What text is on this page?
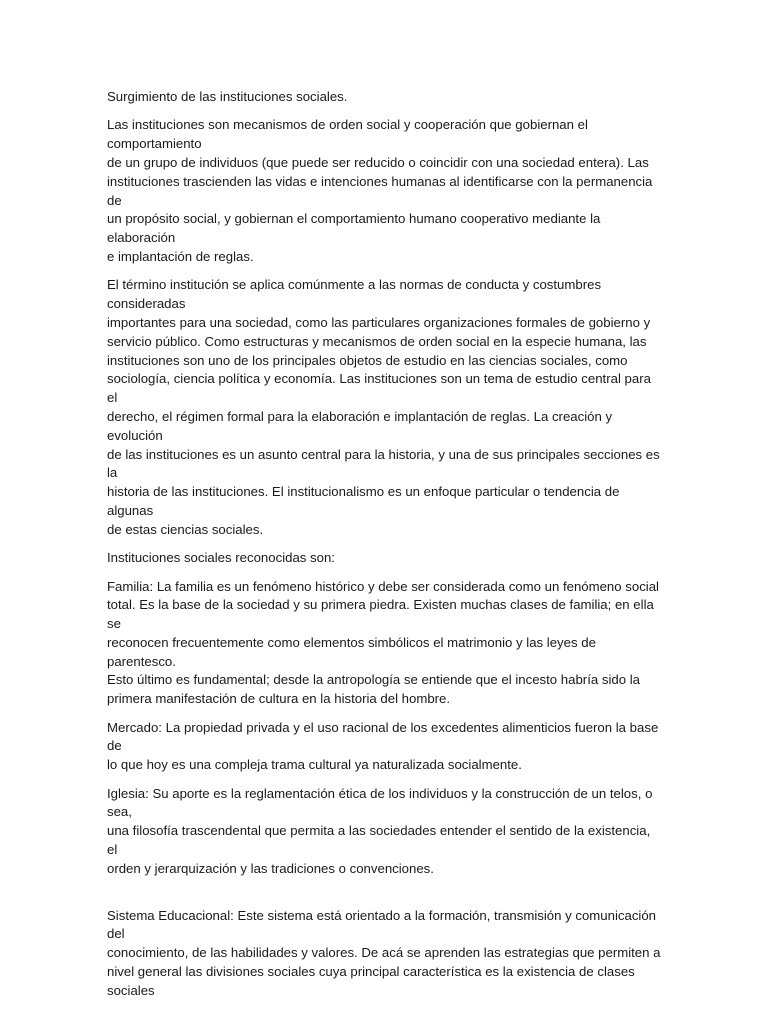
Surgimiento de las instituciones sociales.

Las instituciones son mecanismos de orden social y cooperación que gobiernan el comportamiento
de un grupo de individuos (que puede ser reducido o coincidir con una sociedad entera). Las
instituciones trascienden las vidas e intenciones humanas al identificarse con la permanencia de
un propósito social, y gobiernan el comportamiento humano cooperativo mediante la elaboración
e implantación de reglas.

El término institución se aplica comúnmente a las normas de conducta y costumbres consideradas
importantes para una sociedad, como las particulares organizaciones formales de gobierno y
servicio público. Como estructuras y mecanismos de orden social en la especie humana, las
instituciones son uno de los principales objetos de estudio en las ciencias sociales, como
sociología, ciencia política y economía. Las instituciones son un tema de estudio central para el
derecho, el régimen formal para la elaboración e implantación de reglas. La creación y evolución
de las instituciones es un asunto central para la historia, y una de sus principales secciones es la
historia de las instituciones. El institucionalismo es un enfoque particular o tendencia de algunas
de estas ciencias sociales.

Instituciones sociales reconocidas son:

Familia: La familia es un fenómeno histórico y debe ser considerada como un fenómeno social
total. Es la base de la sociedad y su primera piedra. Existen muchas clases de familia; en ella se
reconocen frecuentemente como elementos simbólicos el matrimonio y las leyes de parentesco.
Esto último es fundamental; desde la antropología se entiende que el incesto habría sido la
primera manifestación de cultura en la historia del hombre.

Mercado: La propiedad privada y el uso racional de los excedentes alimenticios fueron la base de
lo que hoy es una compleja trama cultural ya naturalizada socialmente.

Iglesia: Su aporte es la reglamentación ética de los individuos y la construcción de un telos, o sea,
una filosofía trascendental que permita a las sociedades entender el sentido de la existencia, el
orden y jerarquización y las tradiciones o convenciones.

Sistema Educacional: Este sistema está orientado a la formación, transmisión y comunicación del
conocimiento, de las habilidades y valores. De acá se aprenden las estrategias que permiten a
nivel general las divisiones sociales cuya principal característica es la existencia de clases sociales
